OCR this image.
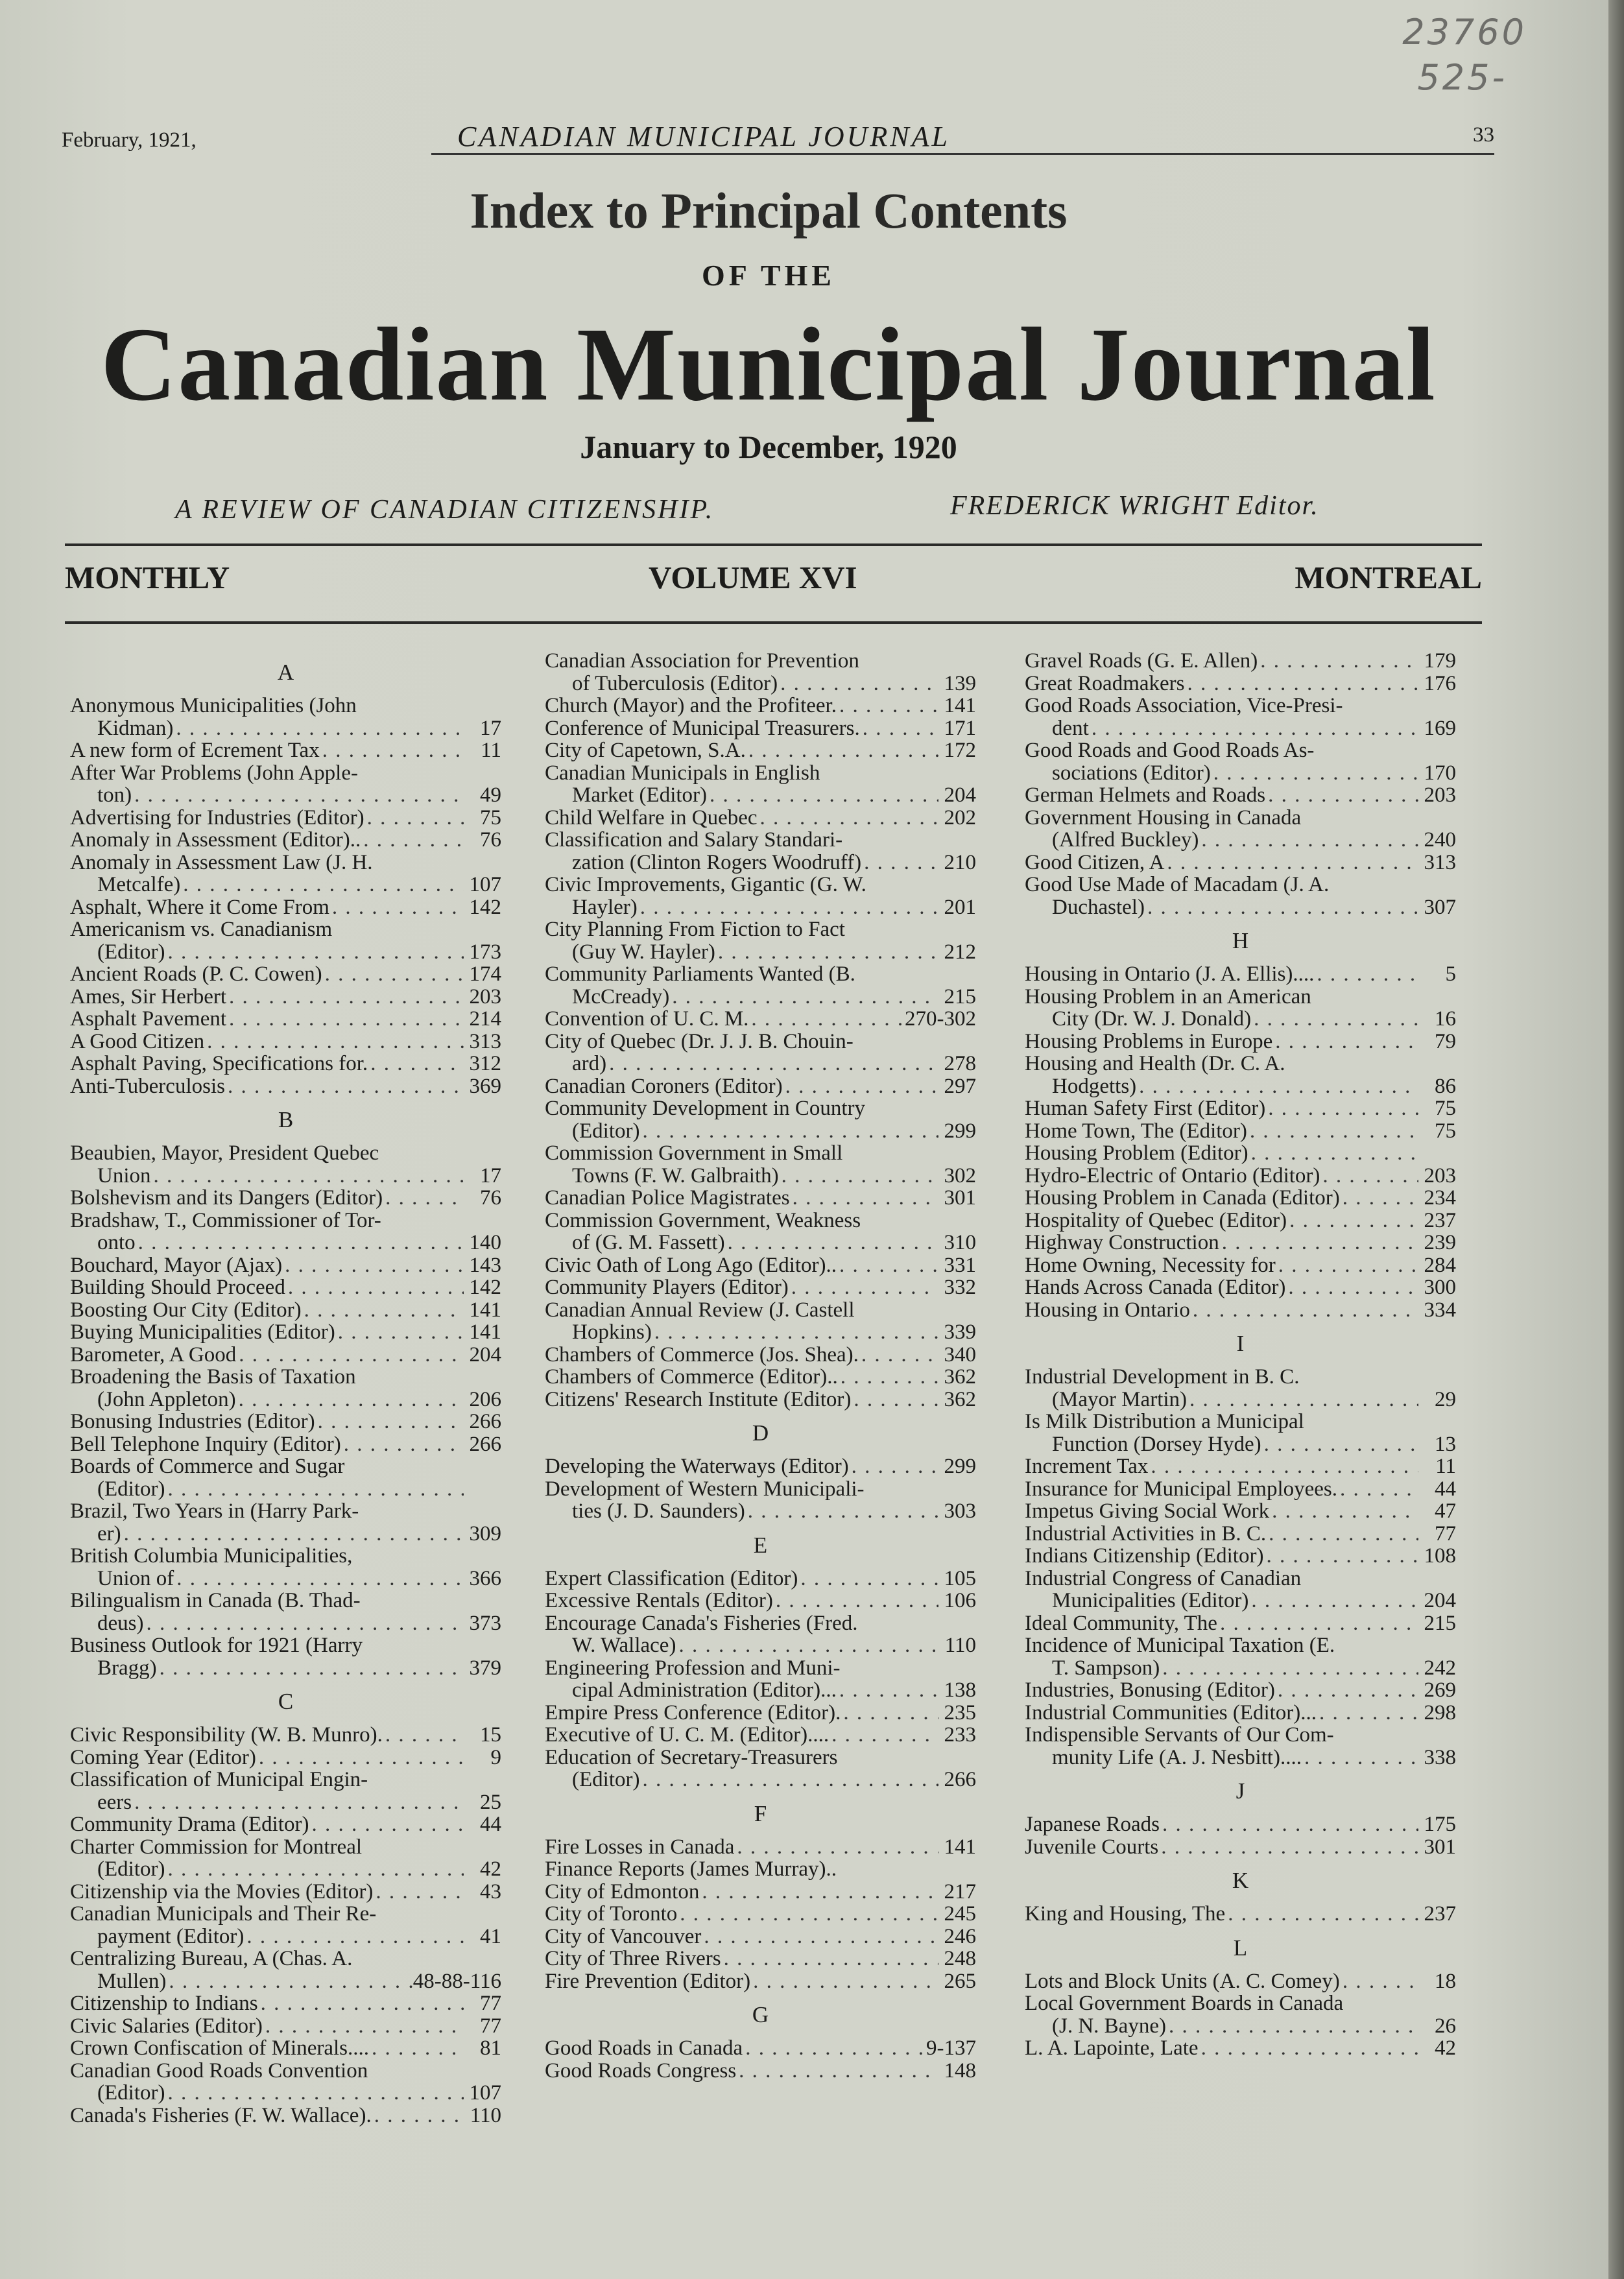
23760
525-
February, 1921,	CANADIAN MUNICIPAL JOURNAL	33
Index to Principal Contents
OF THE
Canadian Municipal Journal
January to December, 1920
A REVIEW OF CANADIAN CITIZENSHIP.	FREDERICK WRIGHT Editor.
MONTHLY	VOLUME XVI	MONTREAL
A
Anonymous Municipalities (John
Kidman) . . .	17
A new form of Ecrement Tax . . .	11
After War Problems (John Apple-
ton) . . .	49
Advertising for Industries (Editor) . . .	75
Anomaly in Assessment (Editor).. . . .	76
Anomaly in Assessment Law (J. H.
Metcalfe) . . .	107
Asphalt, Where it Come From . . .	142
Americanism vs. Canadianism
(Editor) . . .	173
Ancient Roads (P. C. Cowen) . . .	174
Ames, Sir Herbert . . .	203
Asphalt Pavement . . .	214
A Good Citizen . . .	313
Asphalt Paving, Specifications for. . . .	312
Anti-Tuberculosis . . .	369
B
Beaubien, Mayor, President Quebec
Union . . .	17
Bolshevism and its Dangers (Editor) . . .	76
Bradshaw, T., Commissioner of Tor-
onto . . .	140
Bouchard, Mayor (Ajax) . . .	143
Building Should Proceed . . .	142
Boosting Our City (Editor) . . .	141
Buying Municipalities (Editor) . . .	141
Barometer, A Good . . .	204
Broadening the Basis of Taxation
(John Appleton) . . .	206
Bonusing Industries (Editor) . . .	266
Bell Telephone Inquiry (Editor) . . .	266
Boards of Commerce and Sugar
(Editor)
. . .
Brazil, Two Years in (Harry Park-
er) . . .	309
British Columbia Municipalities,
Union of . . .	366
Bilingualism in Canada (B. Thad-
deus) . . .	373
Business Outlook for 1921 (Harry
Bragg) . . .	379
C
Civic Responsibility (W. B. Munro). . . .	15
Coming Year (Editor) . . .	9
Classification of Municipal Engin-
eers . . .	25
Community Drama (Editor) . . .	44
Charter Commission for Montreal
(Editor) . . .	42
Citizenship via the Movies (Editor) . . .	43
Canadian Municipals and Their Re-
payment (Editor) . . .	41
Centralizing Bureau, A (Chas. A.
Mullen) . . .	48-88-116
Citizenship to Indians . . .	77
Civic Salaries (Editor) . . .	77
Crown Confiscation of Minerals.... . . .	81
Canadian Good Roads Convention
(Editor) . . .	107
Canada's Fisheries (F. W. Wallace). . . .	110
Canadian Association for Prevention
of Tuberculosis (Editor) . . .	139
Church (Mayor) and the Profiteer. . . .	141
Conference of Municipal Treasurers. . . .	171
City of Capetown, S.A. . . .	172
Canadian Municipals in English
Market (Editor) . . .	204
Child Welfare in Quebec . . .	202
Classification and Salary Standari-
zation (Clinton Rogers Woodruff) . . .	210
Civic Improvements, Gigantic (G. W.
Hayler) . . .	201
City Planning From Fiction to Fact
(Guy W. Hayler) . . .	212
Community Parliaments Wanted (B.
McCready) . . .	215
Convention of U. C. M. . . .	270-302
City of Quebec (Dr. J. J. B. Chouin-
ard) . . .	278
Canadian Coroners (Editor) . . .	297
Community Development in Country
(Editor) . . .	299
Commission Government in Small
Towns (F. W. Galbraith) . . .	302
Canadian Police Magistrates . . .	301
Commission Government, Weakness
of (G. M. Fassett) . . .	310
Civic Oath of Long Ago (Editor).. . . .	331
Community Players (Editor) . . .	332
Canadian Annual Review (J. Castell
Hopkins) . . .	339
Chambers of Commerce (Jos. Shea). . . .	340
Chambers of Commerce (Editor).. . . .	362
Citizens' Research Institute (Editor) . . .	362
D
Developing the Waterways (Editor) . . .	299
Development of Western Municipali-
ties (J. D. Saunders) . . .	303
E
Expert Classification (Editor) . . .	105
Excessive Rentals (Editor) . . .	106
Encourage Canada's Fisheries (Fred.
W. Wallace) . . .	110
Engineering Profession and Muni-
cipal Administration (Editor)... . . .	138
Empire Press Conference (Editor). . . .	235
Executive of U. C. M. (Editor).... . . .	233
Education of Secretary-Treasurers
(Editor) . . .	266
F
Fire Losses in Canada . . .	141
Finance Reports (James Murray)..
City of Edmonton . . .	217
City of Toronto . . .	245
City of Vancouver . . .	246
City of Three Rivers . . .	248
Fire Prevention (Editor) . . .	265
G
Good Roads in Canada . . .	9-137
Good Roads Congress . . .	148
Gravel Roads (G. E. Allen) . . .	179
Great Roadmakers . . .	176
Good Roads Association, Vice-Presi-
dent . . .	169
Good Roads and Good Roads As-
sociations (Editor) . . .	170
German Helmets and Roads . . .	203
Government Housing in Canada
(Alfred Buckley) . . .	240
Good Citizen, A . . .	313
Good Use Made of Macadam (J. A.
Duchastel) . . .	307
H
Housing in Ontario (J. A. Ellis).... . . .	5
Housing Problem in an American
City (Dr. W. J. Donald) . . .	16
Housing Problems in Europe . . .	79
Housing and Health (Dr. C. A.
Hodgetts) . . .	86
Human Safety First (Editor) . . .	75
Home Town, The (Editor) . . .	75
Housing Problem (Editor)
. . .
Hydro-Electric of Ontario (Editor) . . .	203
Housing Problem in Canada (Editor) . . .	234
Hospitality of Quebec (Editor) . . .	237
Highway Construction . . .	239
Home Owning, Necessity for . . .	284
Hands Across Canada (Editor) . . .	300
Housing in Ontario . . .	334
I
Industrial Development in B. C.
(Mayor Martin) . . .	29
Is Milk Distribution a Municipal
Function (Dorsey Hyde) . . .	13
Increment Tax . . .	11
Insurance for Municipal Employees. . . .	44
Impetus Giving Social Work . . .	47
Industrial Activities in B. C. . . .	77
Indians Citizenship (Editor) . . .	108
Industrial Congress of Canadian
Municipalities (Editor) . . .	204
Ideal Community, The . . .	215
Incidence of Municipal Taxation (E.
T. Sampson) . . .	242
Industries, Bonusing (Editor) . . .	269
Industrial Communities (Editor)... . . .	298
Indispensible Servants of Our Com-
munity Life (A. J. Nesbitt).... . . .	338
J
Japanese Roads . . .	175
Juvenile Courts . . .	301
K
King and Housing, The . . .	237
L
Lots and Block Units (A. C. Comey) . . .	18
Local Government Boards in Canada
(J. N. Bayne) . . .	26
L. A. Lapointe, Late . . .	42
